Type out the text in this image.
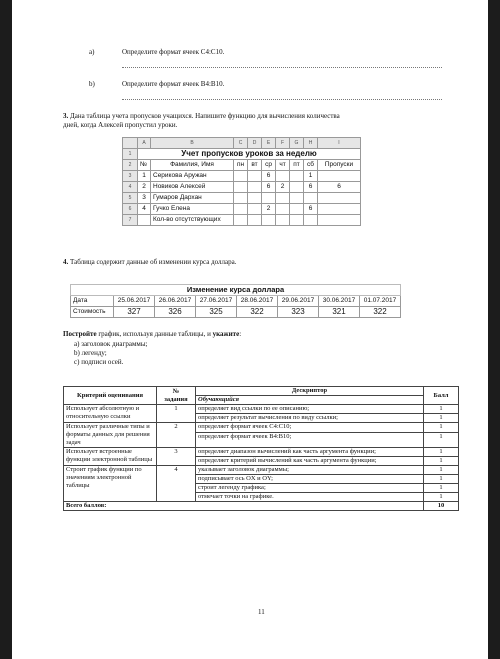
a)	Определите формат ячеек C4:C10.
b)	Определите формат ячеек B4:B10.
3. Дана таблица учета пропусков учащихся. Напишите функцию для вычисления количества
дней, когда Алексей пропустил уроки.
	A	B	C	D	E	F	G	H	I
1	Учет пропусков уроков за неделю								
2	№	Фамилия, Имя	пн	вт	ср	чт	пт	сб	Пропуски
3	1	Серикова Аружан			6			1	
4	2	Новиков Алексей			6	2		6	6
5	3	Гумаров Дархан							
6	4	Гучко Елена			2			6	
7		Кол-во отсутствующих							
4. Таблица содержит данные об изменении курса доллара.
Изменение курса доллара							
Дата	25.06.2017	26.06.2017	27.06.2017	28.06.2017	29.06.2017	30.06.2017	01.07.2017
Стоимость	327	326	325	322	323	321	322
Постройте график, используя данные таблицы, и укажите:
a) заголовок диаграммы;
b) легенду;
c) подписи осей.
Критерий оценивания	№
задания	Дескриптор	Балл
		Обучающийся	
Использует абсолютную и относительную ссылки	1	определяет вид ссылки по ее описанию;	1
		определяет результат вычисления по виду ссылки;	1
Использует различные типы и форматы данных для решения задач	2	определяет формат ячеек C4:C10;	1
		определяет формат ячеек B4:B10;	1
Использует встроенные функции электронной таблицы	3	определяет диапазон вычислений как часть аргумента функции;	1
		определяет критерий вычислений как часть аргумента функции;	1
Строит график функции по значениям электронной таблицы	4	указывает заголовок диаграммы;	1
		подписывает ось OX и OY;	1
		строит легенду графика;	1
		отмечает точки на графике.	1
Всего баллов:			10
11
